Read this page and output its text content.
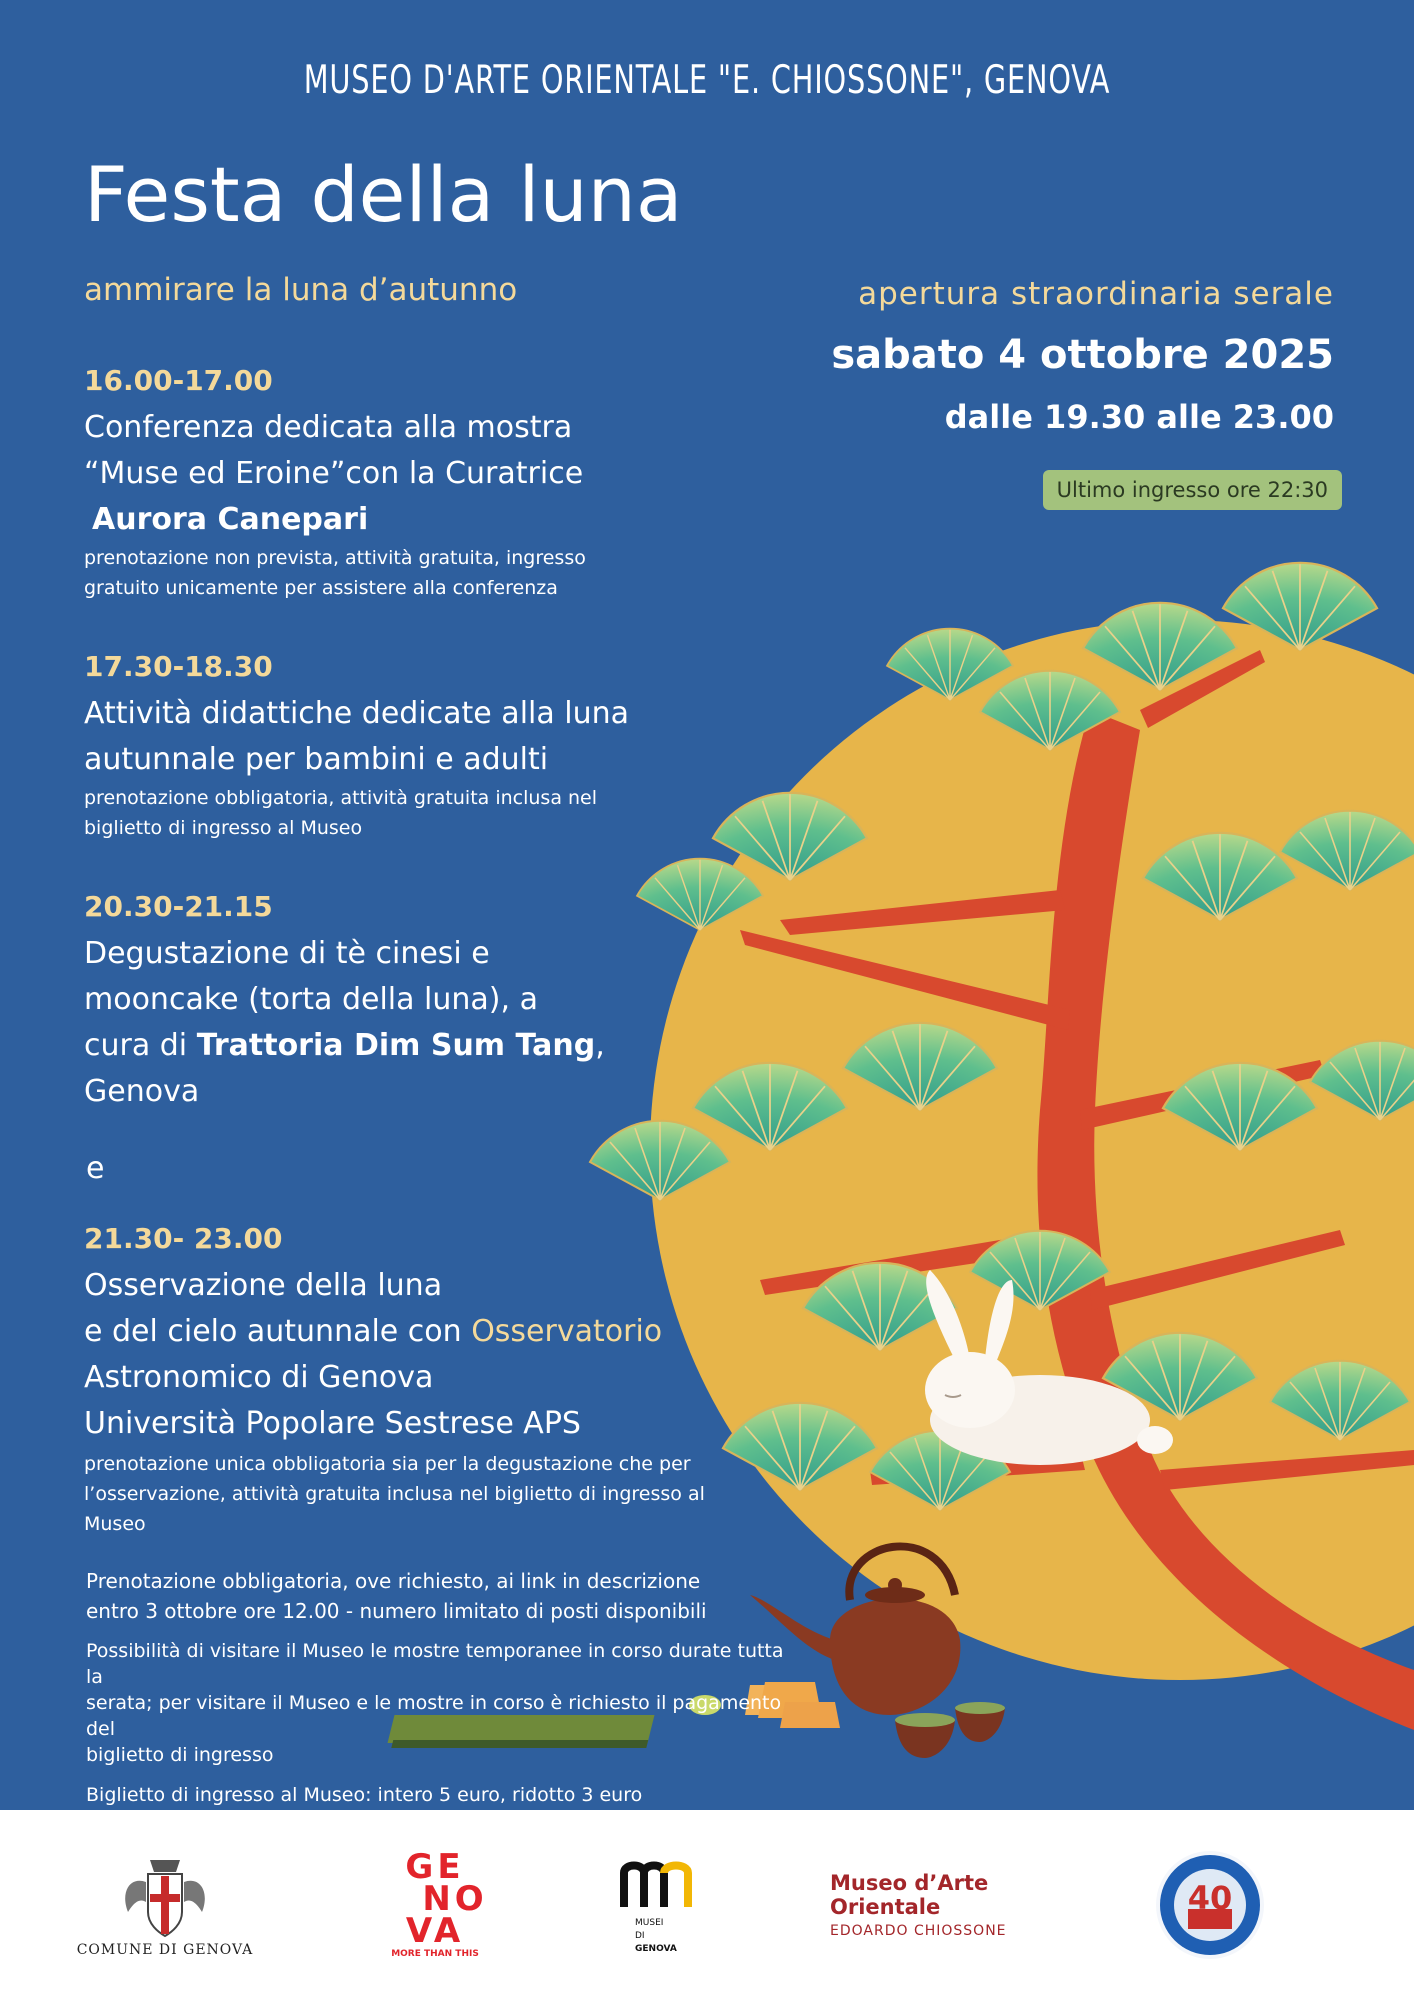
MUSEO D'ARTE ORIENTALE "E. CHIOSSONE", GENOVA
Festa della luna
ammirare la luna d’autunno	apertura straordinaria serale
sabato 4 ottobre 2025
dalle 19.30 alle 23.00
Ultimo ingresso ore 22:30
16.00-17.00
Conferenza dedicata alla mostra
“Muse ed Eroine”con la Curatrice
Aurora Canepari
prenotazione non prevista, attività gratuita, ingresso
gratuito unicamente per assistere alla conferenza
17.30-18.30
Attività didattiche dedicate alla luna
autunnale per bambini e adulti
prenotazione obbligatoria, attività gratuita inclusa nel
biglietto di ingresso al Museo
20.30-21.15
Degustazione di tè cinesi e
mooncake (torta della luna), a
cura di Trattoria Dim Sum Tang,
Genova
e
21.30- 23.00
Osservazione della luna
e del cielo autunnale con Osservatorio
Astronomico di Genova
Università Popolare Sestrese APS
prenotazione unica obbligatoria sia per la degustazione che per
l’osservazione, attività gratuita inclusa nel biglietto di ingresso al
Museo
Prenotazione obbligatoria, ove richiesto, ai link in descrizione
entro 3 ottobre ore 12.00 - numero limitato di posti disponibili
Possibilità di visitare il Museo le mostre temporanee in corso durate tutta la
serata; per visitare il Museo e le mostre in corso è richiesto il pagamento del
biglietto di ingresso
Biglietto di ingresso al Museo: intero 5 euro, ridotto 3 euro
COMUNE DI GENOVA
GE
NO
VA
MORE THAN THIS
MUSEI
DI
GENOVA
Museo d’Arte
Orientale
EDOARDO CHIOSSONE
40
